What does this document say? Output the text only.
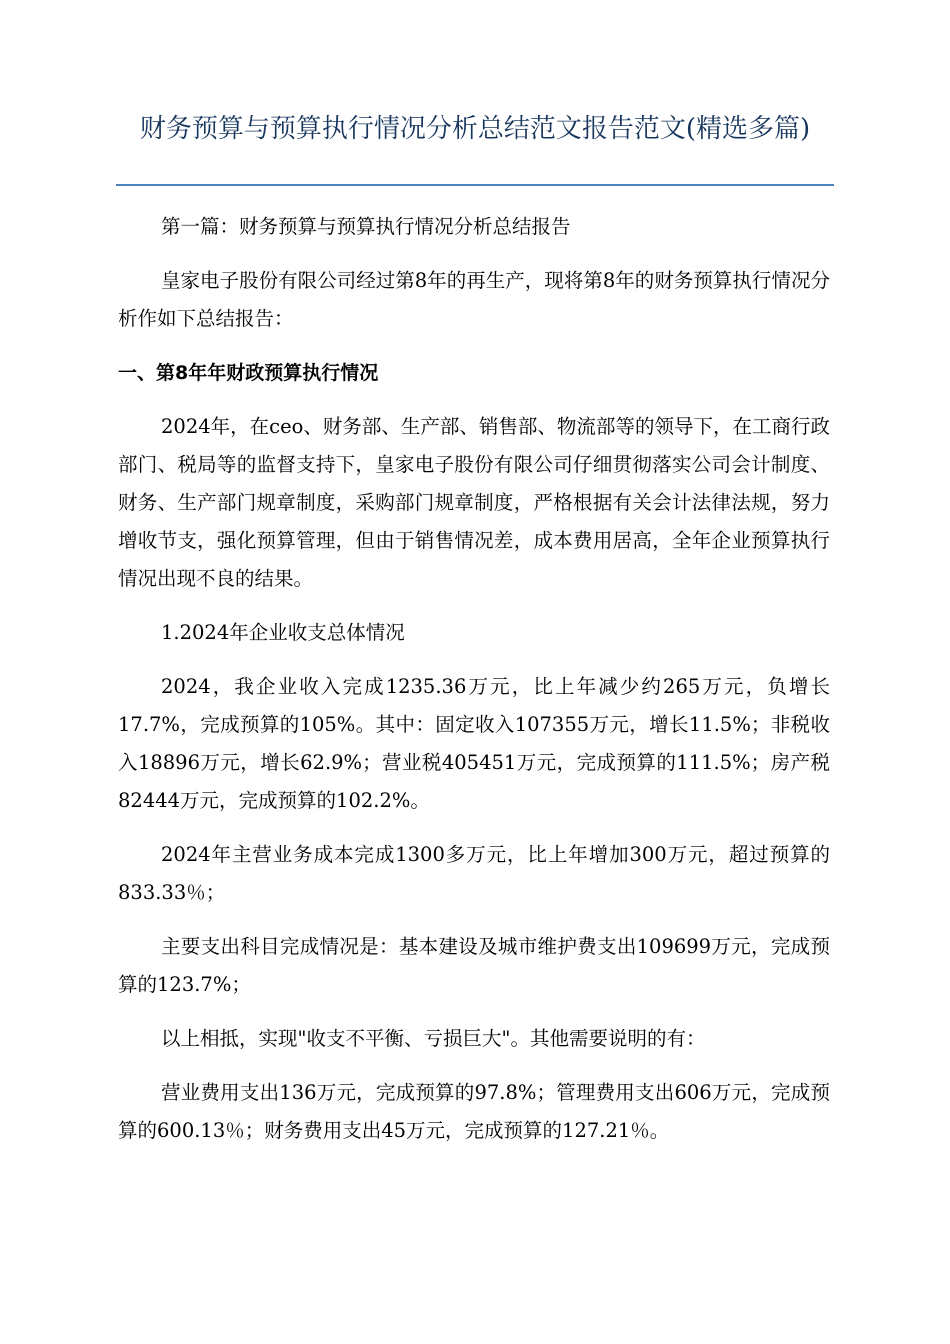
财务预算与预算执行情况分析总结范文报告范文(精选多篇)

第一篇：财务预算与预算执行情况分析总结报告

皇家电子股份有限公司经过第8年的再生产，现将第8年的财务预算执行情况分析作如下总结报告：

一、第8年年财政预算执行情况

2024年，在ceo、财务部、生产部、销售部、物流部等的领导下，在工商行政部门、税局等的监督支持下，皇家电子股份有限公司仔细贯彻落实公司会计制度、财务、生产部门规章制度，采购部门规章制度，严格根据有关会计法律法规，努力增收节支，强化预算管理，但由于销售情况差，成本费用居高，全年企业预算执行情况出现不良的结果。

1.2024年企业收支总体情况

2024，我企业收入完成1235.36万元，比上年减少约265万元，负增长17.7%，完成预算的105%。其中：固定收入107355万元，增长11.5%；非税收入18896万元，增长62.9%；营业税405451万元，完成预算的111.5%；房产税82444万元，完成预算的102.2%。

2024年主营业务成本完成1300多万元，比上年增加300万元，超过预算的833.33％；

主要支出科目完成情况是：基本建设及城市维护费支出109699万元，完成预算的123.7%；

以上相抵，实现"收支不平衡、亏损巨大"。其他需要说明的有：

营业费用支出136万元，完成预算的97.8%；管理费用支出606万元，完成预算的600.13％；财务费用支出45万元，完成预算的127.21％。
